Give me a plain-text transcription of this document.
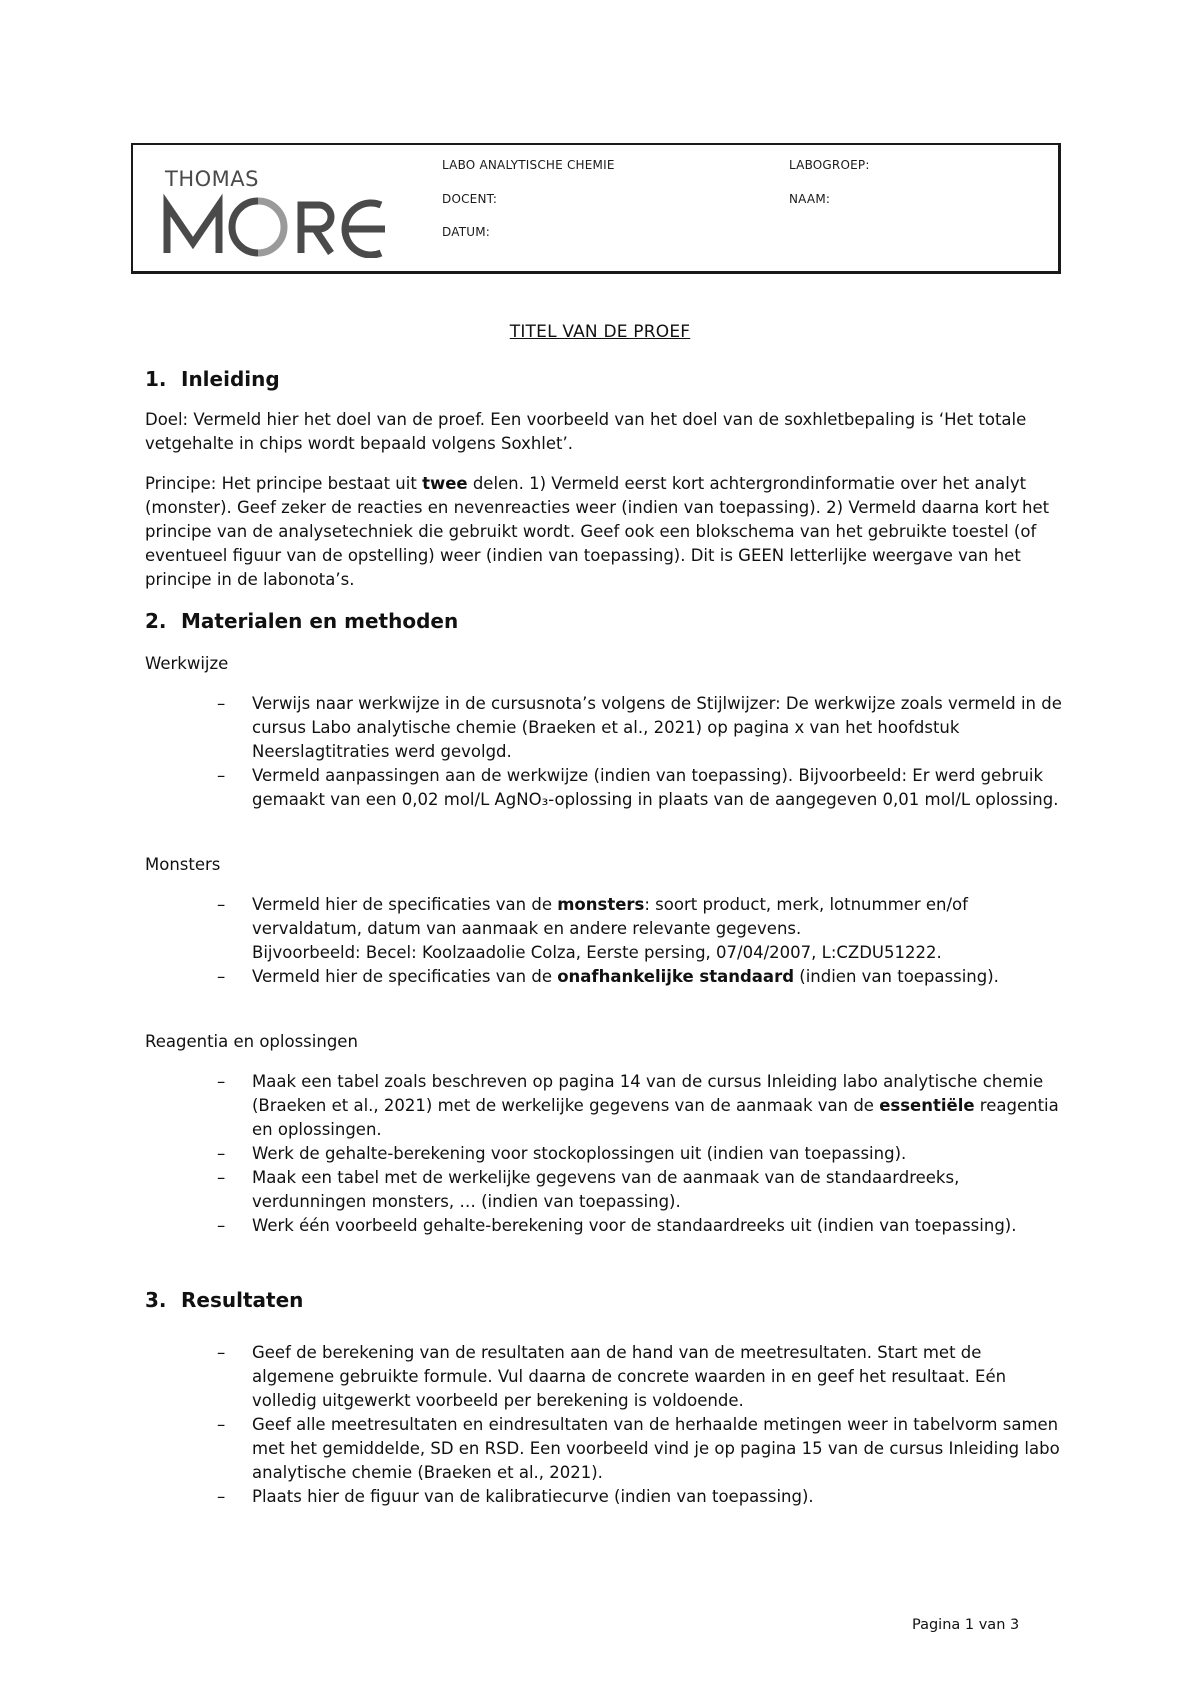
THOMAS
LABO ANALYTISCHE CHEMIE	LABOGROEP:
DOCENT:	NAAM:
DATUM:
TITEL VAN DE PROEF
1. Inleiding
Doel: Vermeld hier het doel van de proef. Een voorbeeld van het doel van de soxhletbepaling is ‘Het totale vetgehalte in chips wordt bepaald volgens Soxhlet’.
Principe: Het principe bestaat uit twee delen. 1) Vermeld eerst kort achtergrondinformatie over het analyt (monster). Geef zeker de reacties en nevenreacties weer (indien van toepassing). 2) Vermeld daarna kort het principe van de analysetechniek die gebruikt wordt. Geef ook een blokschema van het gebruikte toestel (of eventueel figuur van de opstelling) weer (indien van toepassing). Dit is GEEN letterlijke weergave van het principe in de labonota’s.
2. Materialen en methoden
Werkwijze
– Verwijs naar werkwijze in de cursusnota’s volgens de Stijlwijzer: De werkwijze zoals vermeld in de cursus Labo analytische chemie (Braeken et al., 2021) op pagina x van het hoofdstuk Neerslagtitraties werd gevolgd.
– Vermeld aanpassingen aan de werkwijze (indien van toepassing). Bijvoorbeeld: Er werd gebruik gemaakt van een 0,02 mol/L AgNO₃-oplossing in plaats van de aangegeven 0,01 mol/L oplossing.
Monsters
– Vermeld hier de specificaties van de monsters: soort product, merk, lotnummer en/of vervaldatum, datum van aanmaak en andere relevante gegevens.
Bijvoorbeeld: Becel: Koolzaadolie Colza, Eerste persing, 07/04/2007, L:CZDU51222.
– Vermeld hier de specificaties van de onafhankelijke standaard (indien van toepassing).
Reagentia en oplossingen
– Maak een tabel zoals beschreven op pagina 14 van de cursus Inleiding labo analytische chemie (Braeken et al., 2021) met de werkelijke gegevens van de aanmaak van de essentiële reagentia en oplossingen.
– Werk de gehalte-berekening voor stockoplossingen uit (indien van toepassing).
– Maak een tabel met de werkelijke gegevens van de aanmaak van de standaardreeks, verdunningen monsters, … (indien van toepassing).
– Werk één voorbeeld gehalte-berekening voor de standaardreeks uit (indien van toepassing).
3. Resultaten
– Geef de berekening van de resultaten aan de hand van de meetresultaten. Start met de algemene gebruikte formule. Vul daarna de concrete waarden in en geef het resultaat. Eén volledig uitgewerkt voorbeeld per berekening is voldoende.
– Geef alle meetresultaten en eindresultaten van de herhaalde metingen weer in tabelvorm samen met het gemiddelde, SD en RSD. Een voorbeeld vind je op pagina 15 van de cursus Inleiding labo analytische chemie (Braeken et al., 2021).
– Plaats hier de figuur van de kalibratiecurve (indien van toepassing).
Pagina 1 van 3
